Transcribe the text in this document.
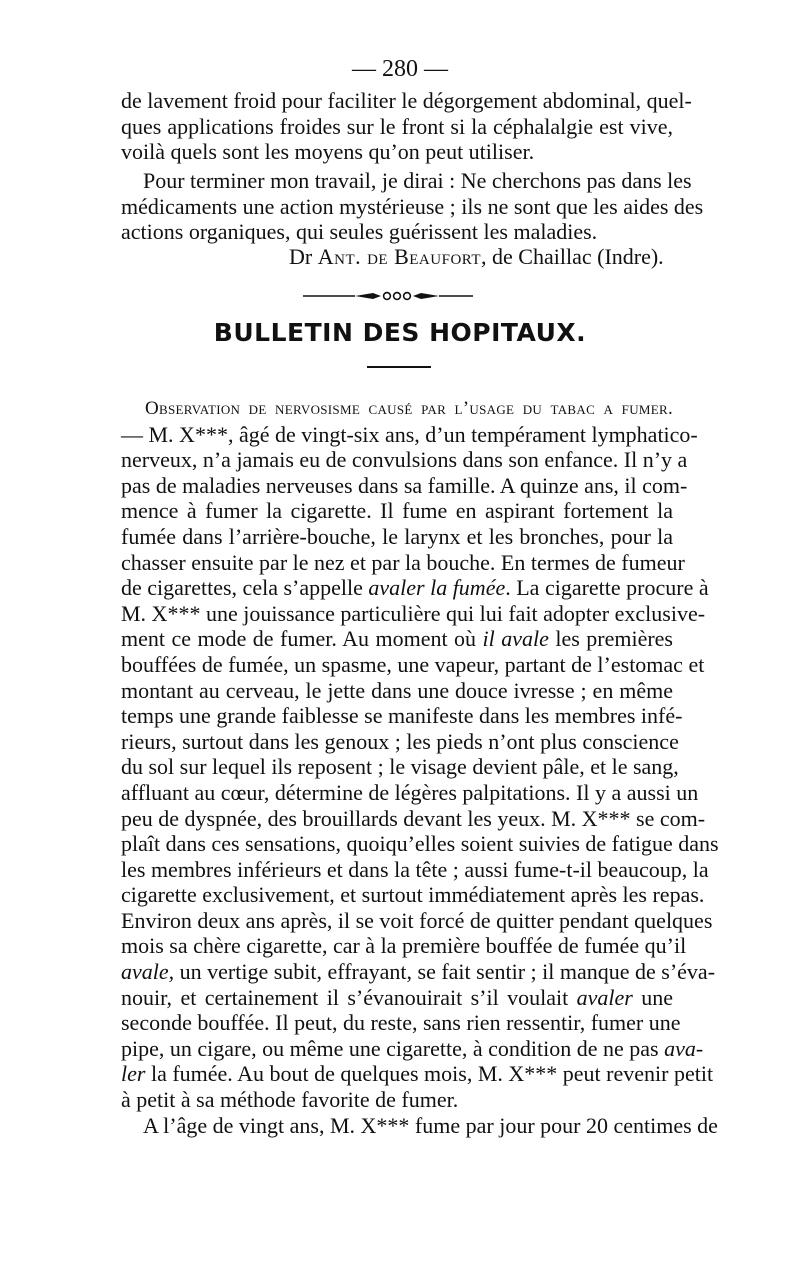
— 280 —
de lavement froid pour faciliter le dégorgement abdominal, quel-
ques applications froides sur le front si la céphalalgie est vive,
voilà quels sont les moyens qu’on peut utiliser.
Pour terminer mon travail, je dirai : Ne cherchons pas dans les
médicaments une action mystérieuse ; ils ne sont que les aides des
actions organiques, qui seules guérissent les maladies.
Dr Ant. de Beaufort, de Chaillac (Indre).
BULLETIN DES HOPITAUX.
Observation de nervosisme causé par l’usage du tabac a fumer.
— M. X***, âgé de vingt-six ans, d’un tempérament lymphatico-
nerveux, n’a jamais eu de convulsions dans son enfance. Il n’y a
pas de maladies nerveuses dans sa famille. A quinze ans, il com-
mence à fumer la cigarette. Il fume en aspirant fortement la
fumée dans l’arrière-bouche, le larynx et les bronches, pour la
chasser ensuite par le nez et par la bouche. En termes de fumeur
de cigarettes, cela s’appelle avaler la fumée. La cigarette procure à
M. X*** une jouissance particulière qui lui fait adopter exclusive-
ment ce mode de fumer. Au moment où il avale les premières
bouffées de fumée, un spasme, une vapeur, partant de l’estomac et
montant au cerveau, le jette dans une douce ivresse ; en même
temps une grande faiblesse se manifeste dans les membres infé-
rieurs, surtout dans les genoux ; les pieds n’ont plus conscience
du sol sur lequel ils reposent ; le visage devient pâle, et le sang,
affluant au cœur, détermine de légères palpitations. Il y a aussi un
peu de dyspnée, des brouillards devant les yeux. M. X*** se com-
plaît dans ces sensations, quoiqu’elles soient suivies de fatigue dans
les membres inférieurs et dans la tête ; aussi fume-t-il beaucoup, la
cigarette exclusivement, et surtout immédiatement après les repas.
Environ deux ans après, il se voit forcé de quitter pendant quelques
mois sa chère cigarette, car à la première bouffée de fumée qu’il
avale, un vertige subit, effrayant, se fait sentir ; il manque de s’éva-
nouir, et certainement il s’évanouirait s’il voulait avaler une
seconde bouffée. Il peut, du reste, sans rien ressentir, fumer une
pipe, un cigare, ou même une cigarette, à condition de ne pas ava-
ler la fumée. Au bout de quelques mois, M. X*** peut revenir petit
à petit à sa méthode favorite de fumer.
A l’âge de vingt ans, M. X*** fume par jour pour 20 centimes de
